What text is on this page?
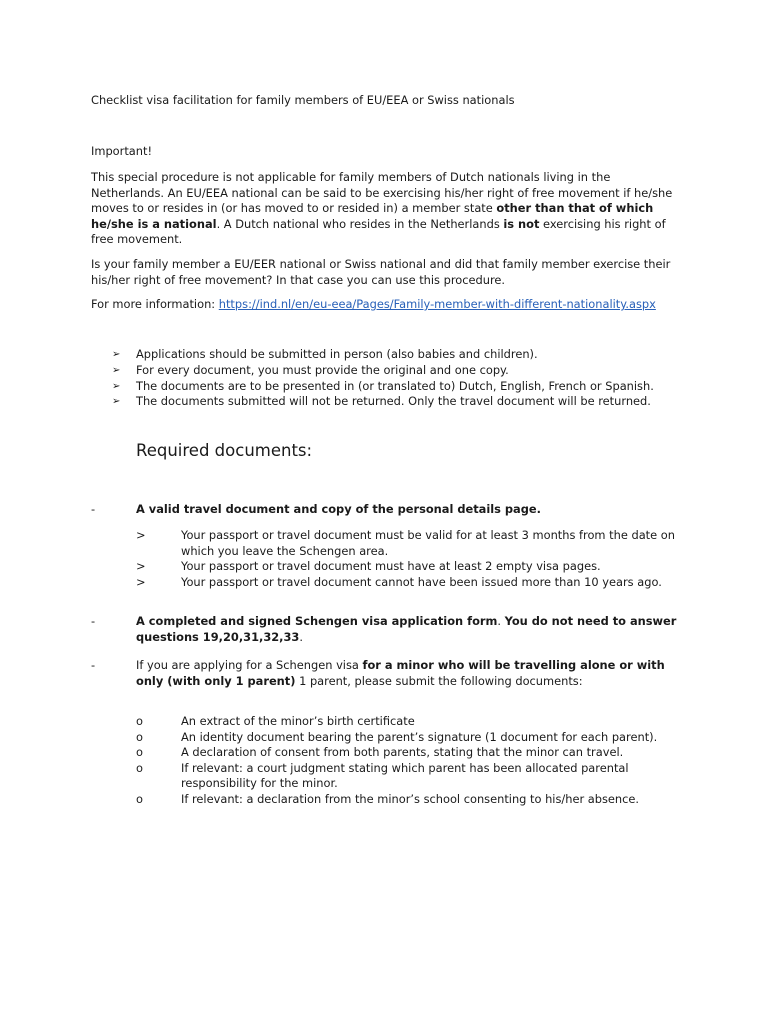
Checklist visa facilitation for family members of EU/EEA or Swiss nationals

Important!

This special procedure is not applicable for family members of Dutch nationals living in the Netherlands. An EU/EEA national can be said to be exercising his/her right of free movement if he/she moves to or resides in (or has moved to or resided in) a member state other than that of which he/she is a national. A Dutch national who resides in the Netherlands is not exercising his right of free movement.

Is your family member a EU/EER national or Swiss national and did that family member exercise their his/her right of free movement? In that case you can use this procedure.

For more information: https://ind.nl/en/eu-eea/Pages/Family-member-with-different-nationality.aspx

➢	Applications should be submitted in person (also babies and children).
➢	For every document, you must provide the original and one copy.
➢	The documents are to be presented in (or translated to) Dutch, English, French or Spanish.
➢	The documents submitted will not be returned. Only the travel document will be returned.
Required documents:
-	A valid travel document and copy of the personal details page.

>	Your passport or travel document must be valid for at least 3 months from the date on which you leave the Schengen area.
>	Your passport or travel document must have at least 2 empty visa pages.
>	Your passport or travel document cannot have been issued more than 10 years ago.
-	A completed and signed Schengen visa application form. You do not need to answer questions 19,20,31,32,33.

-	If you are applying for a Schengen visa for a minor who will be travelling alone or with only (with only 1 parent) 1 parent, please submit the following documents:

o	An extract of the minor’s birth certificate
o	An identity document bearing the parent’s signature (1 document for each parent).
o	A declaration of consent from both parents, stating that the minor can travel.
o	If relevant: a court judgment stating which parent has been allocated parental responsibility for the minor.
o	If relevant: a declaration from the minor’s school consenting to his/her absence.
